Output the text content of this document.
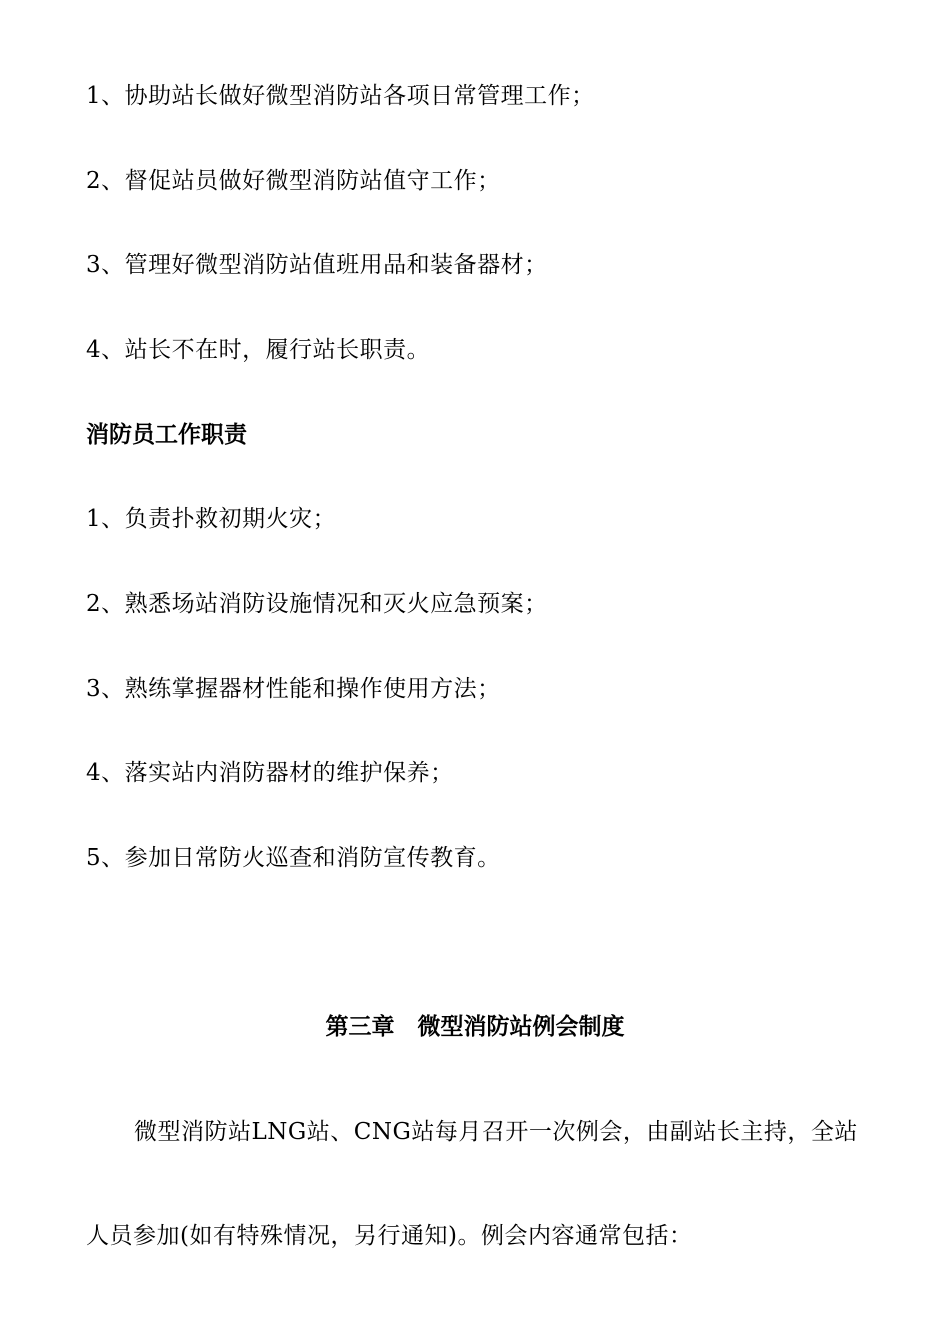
1、协助站长做好微型消防站各项日常管理工作；
2、督促站员做好微型消防站值守工作；
3、管理好微型消防站值班用品和装备器材；
4、站长不在时，履行站长职责。
消防员工作职责
1、负责扑救初期火灾；
2、熟悉场站消防设施情况和灭火应急预案；
3、熟练掌握器材性能和操作使用方法；
4、落实站内消防器材的维护保养；
5、参加日常防火巡查和消防宣传教育。
第三章　微型消防站例会制度
微型消防站LNG站、CNG站每月召开一次例会，由副站长主持，全站
人员参加(如有特殊情况，另行通知)。例会内容通常包括：
